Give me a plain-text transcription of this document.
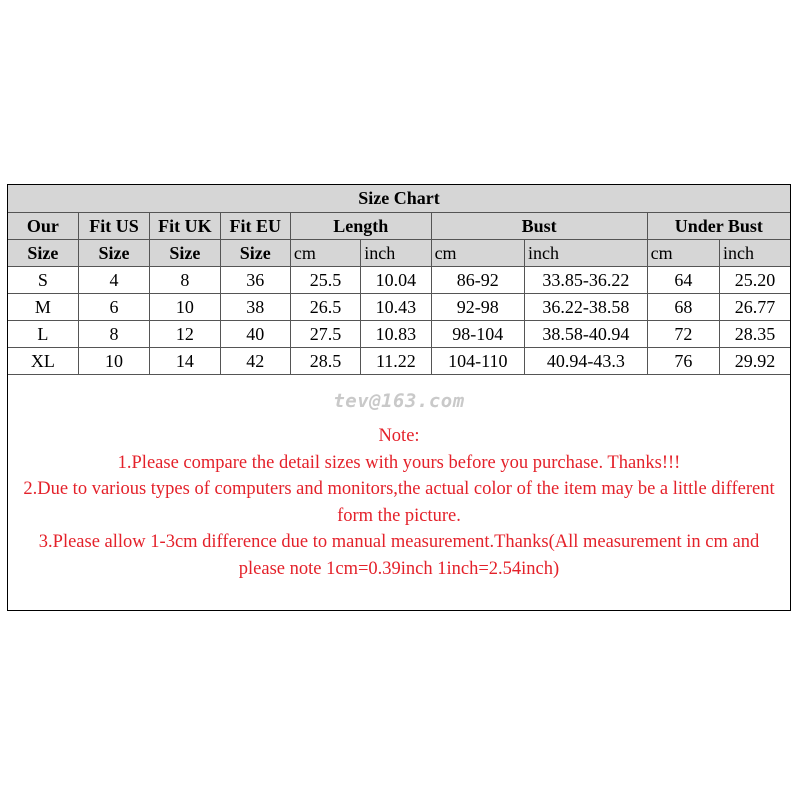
Size Chart									
Our	Fit US	Fit UK	Fit EU	Length		Bust		Under Bust	
Size	Size	Size	Size	cm	inch	cm	inch	cm	inch
S	4	8	36	25.5	10.04	86-92	33.85-36.22	64	25.20
M	6	10	38	26.5	10.43	92-98	36.22-38.58	68	26.77
L	8	12	40	27.5	10.83	98-104	38.58-40.94	72	28.35
XL	10	14	42	28.5	11.22	104-110	40.94-43.3	76	29.92
tev@163.com
Note:
1.Please compare the detail sizes with yours before you purchase. Thanks!!!
2.Due to various types of computers and monitors,the actual color of the item may be a little different form the picture.
3.Please allow 1-3cm difference due to manual measurement.Thanks(All measurement in cm and please note 1cm=0.39inch 1inch=2.54inch)
